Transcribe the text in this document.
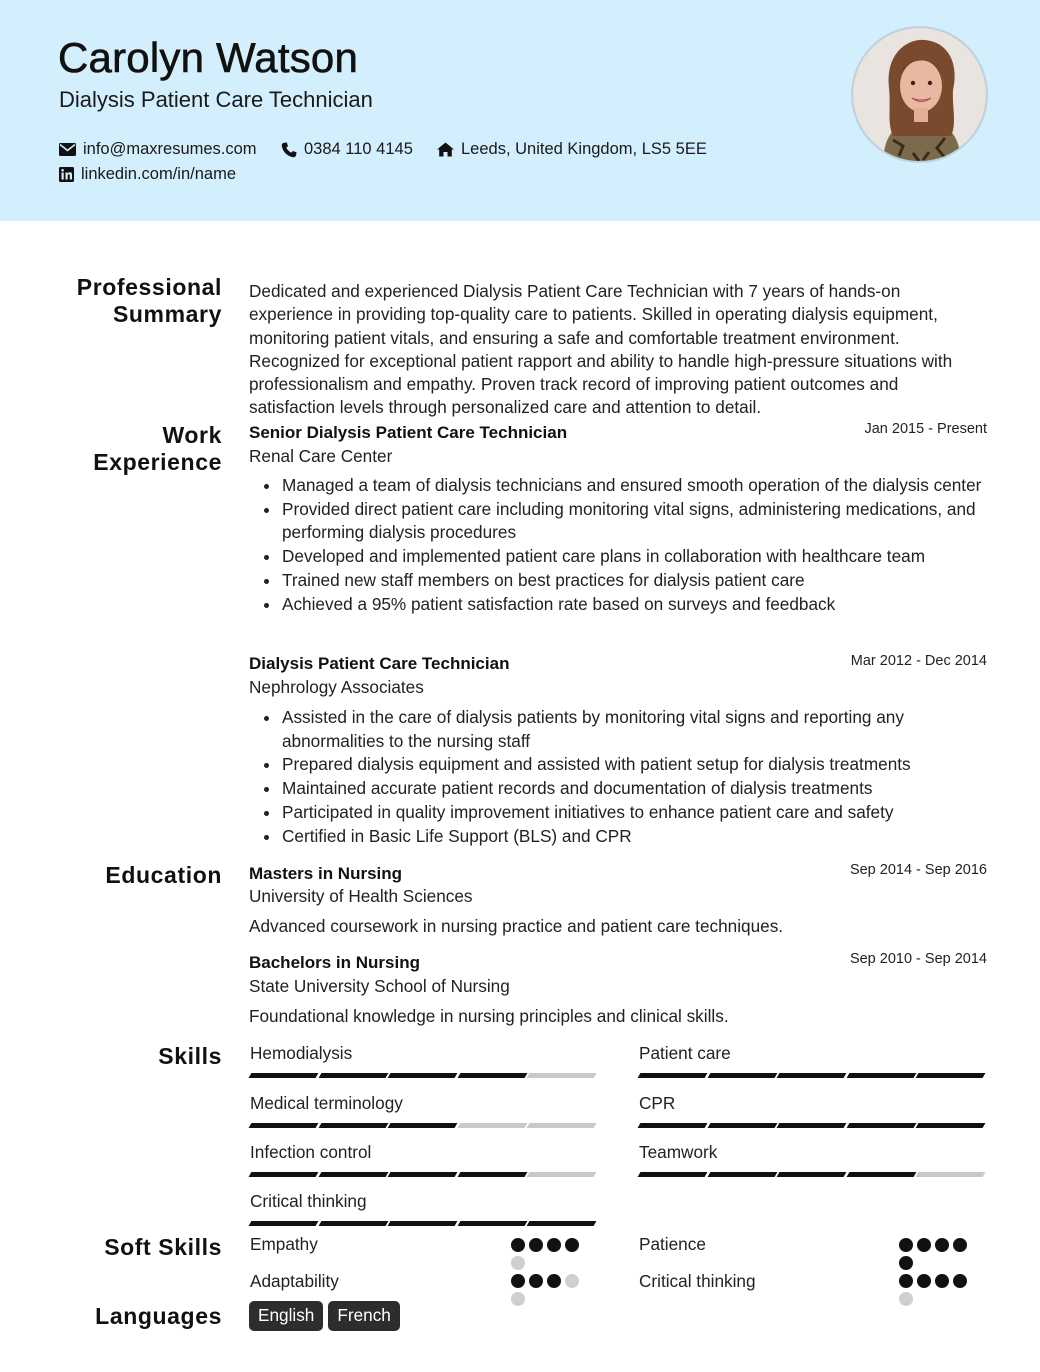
Carolyn Watson
Dialysis Patient Care Technician
info@maxresumes.com	0384 110 4145	Leeds, United Kingdom, LS5 5EE
linkedin.com/in/name
Professional
Summary
Dedicated and experienced Dialysis Patient Care Technician with 7 years of hands-on experience in providing top-quality care to patients. Skilled in operating dialysis equipment, monitoring patient vitals, and ensuring a safe and comfortable treatment environment. Recognized for exceptional patient rapport and ability to handle high-pressure situations with professionalism and empathy. Proven track record of improving patient outcomes and satisfaction levels through personalized care and attention to detail.
Work
Experience
Senior Dialysis Patient Care Technician	Jan 2015 - Present
Renal Care Center
Managed a team of dialysis technicians and ensured smooth operation of the dialysis center
Provided direct patient care including monitoring vital signs, administering medications, and performing dialysis procedures
Developed and implemented patient care plans in collaboration with healthcare team
Trained new staff members on best practices for dialysis patient care
Achieved a 95% patient satisfaction rate based on surveys and feedback
Dialysis Patient Care Technician	Mar 2012 - Dec 2014
Nephrology Associates
Assisted in the care of dialysis patients by monitoring vital signs and reporting any abnormalities to the nursing staff
Prepared dialysis equipment and assisted with patient setup for dialysis treatments
Maintained accurate patient records and documentation of dialysis treatments
Participated in quality improvement initiatives to enhance patient care and safety
Certified in Basic Life Support (BLS) and CPR
Education Masters in Nursing	Sep 2014 - Sep 2016
University of Health Sciences
Advanced coursework in nursing practice and patient care techniques.
Bachelors in Nursing	Sep 2010 - Sep 2014
State University School of Nursing
Foundational knowledge in nursing principles and clinical skills.
Skills Hemodialysis	Patient care
Medical terminology	CPR
Infection control	Teamwork
Critical thinking
Soft Skills Empathy	Patience
Adaptability	Critical thinking
Languages	English	French
